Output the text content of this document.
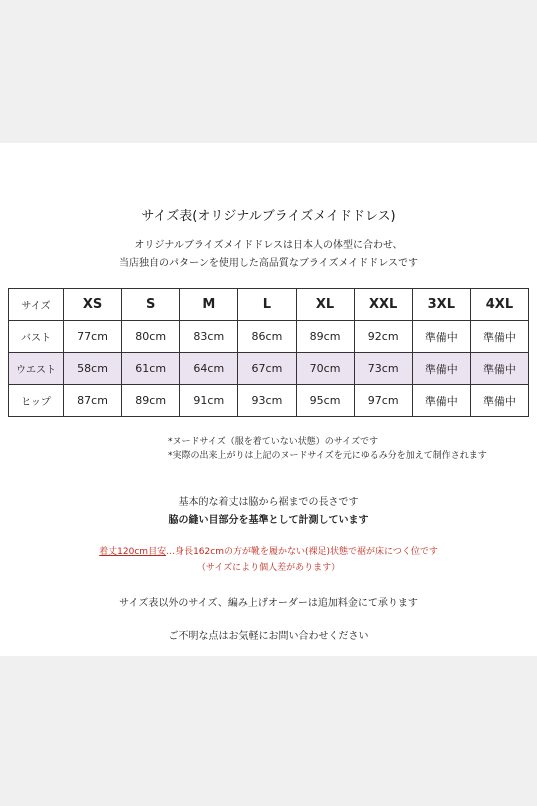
サイズ表(オリジナルブライズメイドドレス)
オリジナルブライズメイドドレスは日本人の体型に合わせ、
当店独自のパターンを使用した高品質なブライズメイドドレスです
サイズ	XS	S	M	L	XL	XXL	3XL	4XL
バスト	77cm	80cm	83cm	86cm	89cm	92cm	準備中	準備中
ウエスト	58cm	61cm	64cm	67cm	70cm	73cm	準備中	準備中
ヒップ	87cm	89cm	91cm	93cm	95cm	97cm	準備中	準備中
*ヌードサイズ（服を着ていない状態）のサイズです
*実際の出来上がりは上記のヌードサイズを元にゆるみ分を加えて制作されます
基本的な着丈は脇から裾までの長さです
脇の縫い目部分を基準として計測しています
着丈120cm目安…身長162cmの方が靴を履かない(裸足)状態で裾が床につく位です
（サイズにより個人差があります）
サイズ表以外のサイズ、編み上げオーダーは追加料金にて承ります
ご不明な点はお気軽にお問い合わせください
